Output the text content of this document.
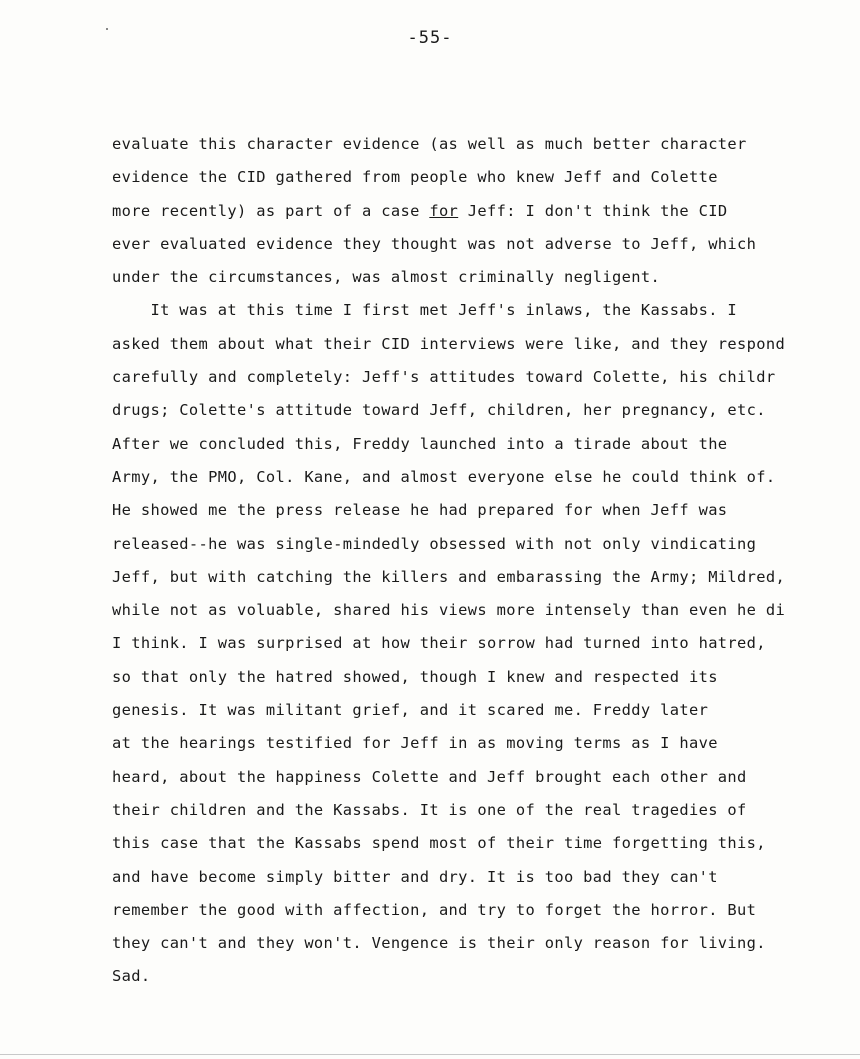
-55-
evaluate this character evidence (as well as much better character
evidence the CID gathered from people who knew Jeff and Colette
more recently) as part of a case for Jeff: I don't think the CID
ever evaluated evidence they thought was not adverse to Jeff, which
under the circumstances, was almost criminally negligent.
It was at this time I first met Jeff's inlaws, the Kassabs. I
asked them about what their CID interviews were like, and they respond
carefully and completely: Jeff's attitudes toward Colette, his childr
drugs; Colette's attitude toward Jeff, children, her pregnancy, etc.
After we concluded this, Freddy launched into a tirade about the
Army, the PMO, Col. Kane, and almost everyone else he could think of.
He showed me the press release he had prepared for when Jeff was
released--he was single-mindedly obsessed with not only vindicating
Jeff, but with catching the killers and embarassing the Army; Mildred,
while not as voluable, shared his views more intensely than even he di
I think. I was surprised at how their sorrow had turned into hatred,
so that only the hatred showed, though I knew and respected its
genesis. It was militant grief, and it scared me. Freddy later
at the hearings testified for Jeff in as moving terms as I have
heard, about the happiness Colette and Jeff brought each other and
their children and the Kassabs. It is one of the real tragedies of
this case that the Kassabs spend most of their time forgetting this,
and have become simply bitter and dry. It is too bad they can't
remember the good with affection, and try to forget the horror. But
they can't and they won't. Vengence is their only reason for living.
Sad.
